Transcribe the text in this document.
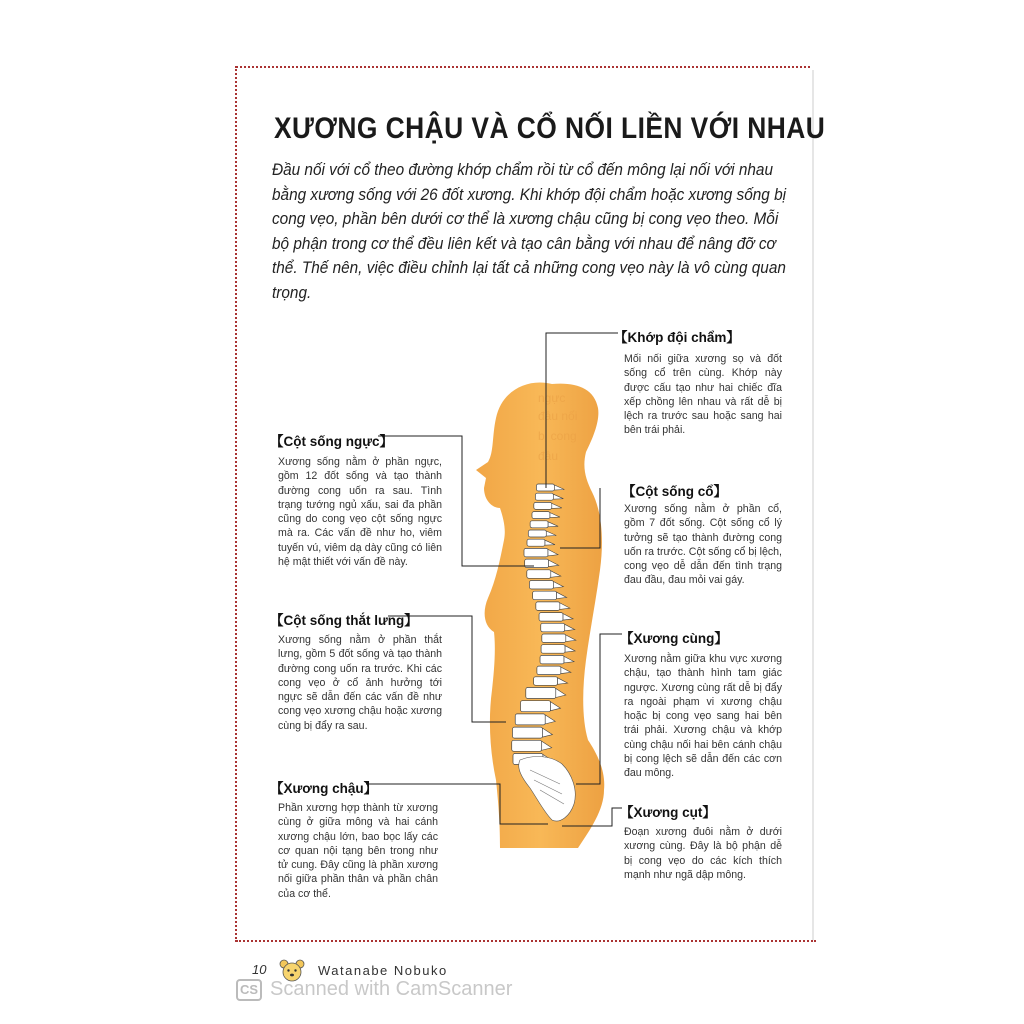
XƯƠNG CHẬU VÀ CỔ NỐI LIỀN VỚI NHAU
Đầu nối với cổ theo đường khớp chẩm rồi từ cổ đến mông lại nối với nhau bằng xương sống với 26 đốt xương. Khi khớp đội chẩm hoặc xương sống bị cong vẹo, phần bên dưới cơ thể là xương chậu cũng bị cong vẹo theo. Mỗi bộ phận trong cơ thể đều liên kết và tạo cân bằng với nhau để nâng đỡ cơ thể. Thế nên, việc điều chỉnh lại tất cả những cong vẹo này là vô cùng quan trọng.
ngực
đầu nối
bị cong
đầu
【Khớp đội chẩm】
Mối nối giữa xương sọ và đốt sống cổ trên cùng. Khớp này được cấu tạo như hai chiếc đĩa xếp chồng lên nhau và rất dễ bị lệch ra trước sau hoặc sang hai bên trái phải.
【Cột sống ngực】
Xương sống nằm ở phần ngực, gồm 12 đốt sống và tạo thành đường cong uốn ra sau. Tình trạng tướng ngủ xấu, sai đa phần cũng do cong vẹo cột sống ngực mà ra. Các vấn đề như ho, viêm tuyến vú, viêm dạ dày cũng có liên hệ mật thiết với vấn đề này.
【Cột sống cổ】
Xương sống nằm ở phần cổ, gồm 7 đốt sống. Cột sống cổ lý tưởng sẽ tạo thành đường cong uốn ra trước. Cột sống cổ bị lệch, cong vẹo dễ dẫn đến tình trạng đau đầu, đau mỏi vai gáy.
【Cột sống thắt lưng】
Xương sống nằm ở phần thắt lưng, gồm 5 đốt sống và tạo thành đường cong uốn ra trước. Khi các cong vẹo ở cổ ảnh hưởng tới ngực sẽ dẫn đến các vấn đề như cong vẹo xương chậu hoặc xương cùng bị đẩy ra sau.
【Xương cùng】
Xương nằm giữa khu vực xương chậu, tạo thành hình tam giác ngược. Xương cùng rất dễ bị đẩy ra ngoài phạm vi xương chậu hoặc bị cong vẹo sang hai bên trái phải. Xương chậu và khớp cùng chậu nối hai bên cánh chậu bị cong lệch sẽ dẫn đến các cơn đau mông.
【Xương chậu】
Phần xương hợp thành từ xương cùng ở giữa mông và hai cánh xương chậu lớn, bao bọc lấy các cơ quan nội tạng bên trong như tử cung. Đây cũng là phần xương nối giữa phần thân và phần chân của cơ thể.
【Xương cụt】
Đoạn xương đuôi nằm ở dưới xương cùng. Đây là bộ phận dễ bị cong vẹo do các kích thích mạnh như ngã dập mông.
10	Watanabe Nobuko
CS Scanned with CamScanner
